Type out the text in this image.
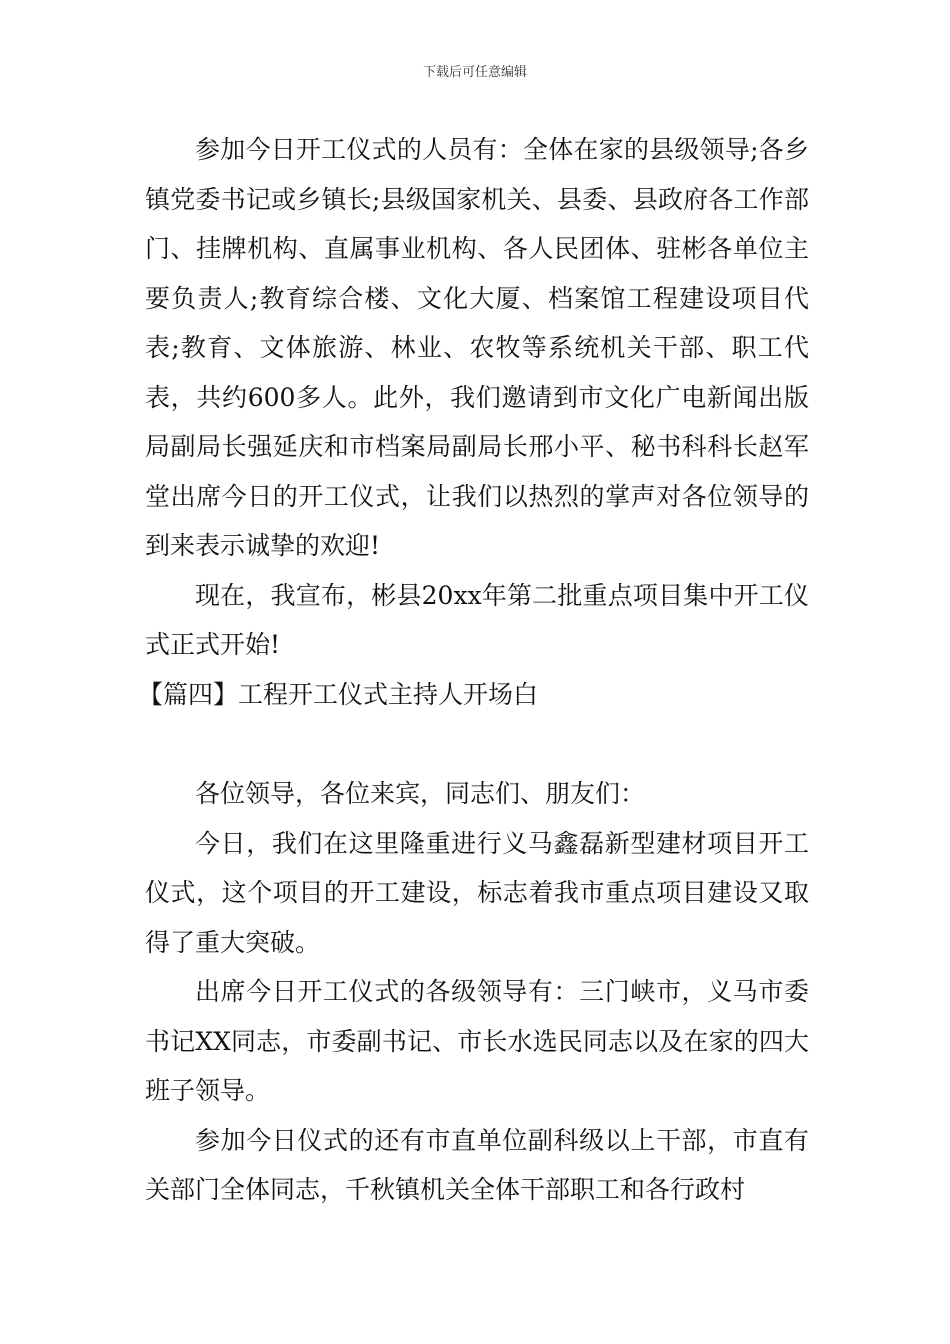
下载后可任意编辑

参加今日开工仪式的人员有：全体在家的县级领导;各乡镇党委书记或乡镇长;县级国家机关、县委、县政府各工作部门、挂牌机构、直属事业机构、各人民团体、驻彬各单位主要负责人;教育综合楼、文化大厦、档案馆工程建设项目代表;教育、文体旅游、林业、农牧等系统机关干部、职工代表，共约600多人。此外，我们邀请到市文化广电新闻出版局副局长强延庆和市档案局副局长邢小平、秘书科科长赵军堂出席今日的开工仪式，让我们以热烈的掌声对各位领导的到来表示诚挚的欢迎!

现在，我宣布，彬县20xx年第二批重点项目集中开工仪式正式开始!

【篇四】工程开工仪式主持人开场白

各位领导，各位来宾，同志们、朋友们：

今日，我们在这里隆重进行义马鑫磊新型建材项目开工仪式，这个项目的开工建设，标志着我市重点项目建设又取得了重大突破。

出席今日开工仪式的各级领导有：三门峡市，义马市委书记XX同志，市委副书记、市长水选民同志以及在家的四大班子领导。

参加今日仪式的还有市直单位副科级以上干部，市直有关部门全体同志，千秋镇机关全体干部职工和各行政村
